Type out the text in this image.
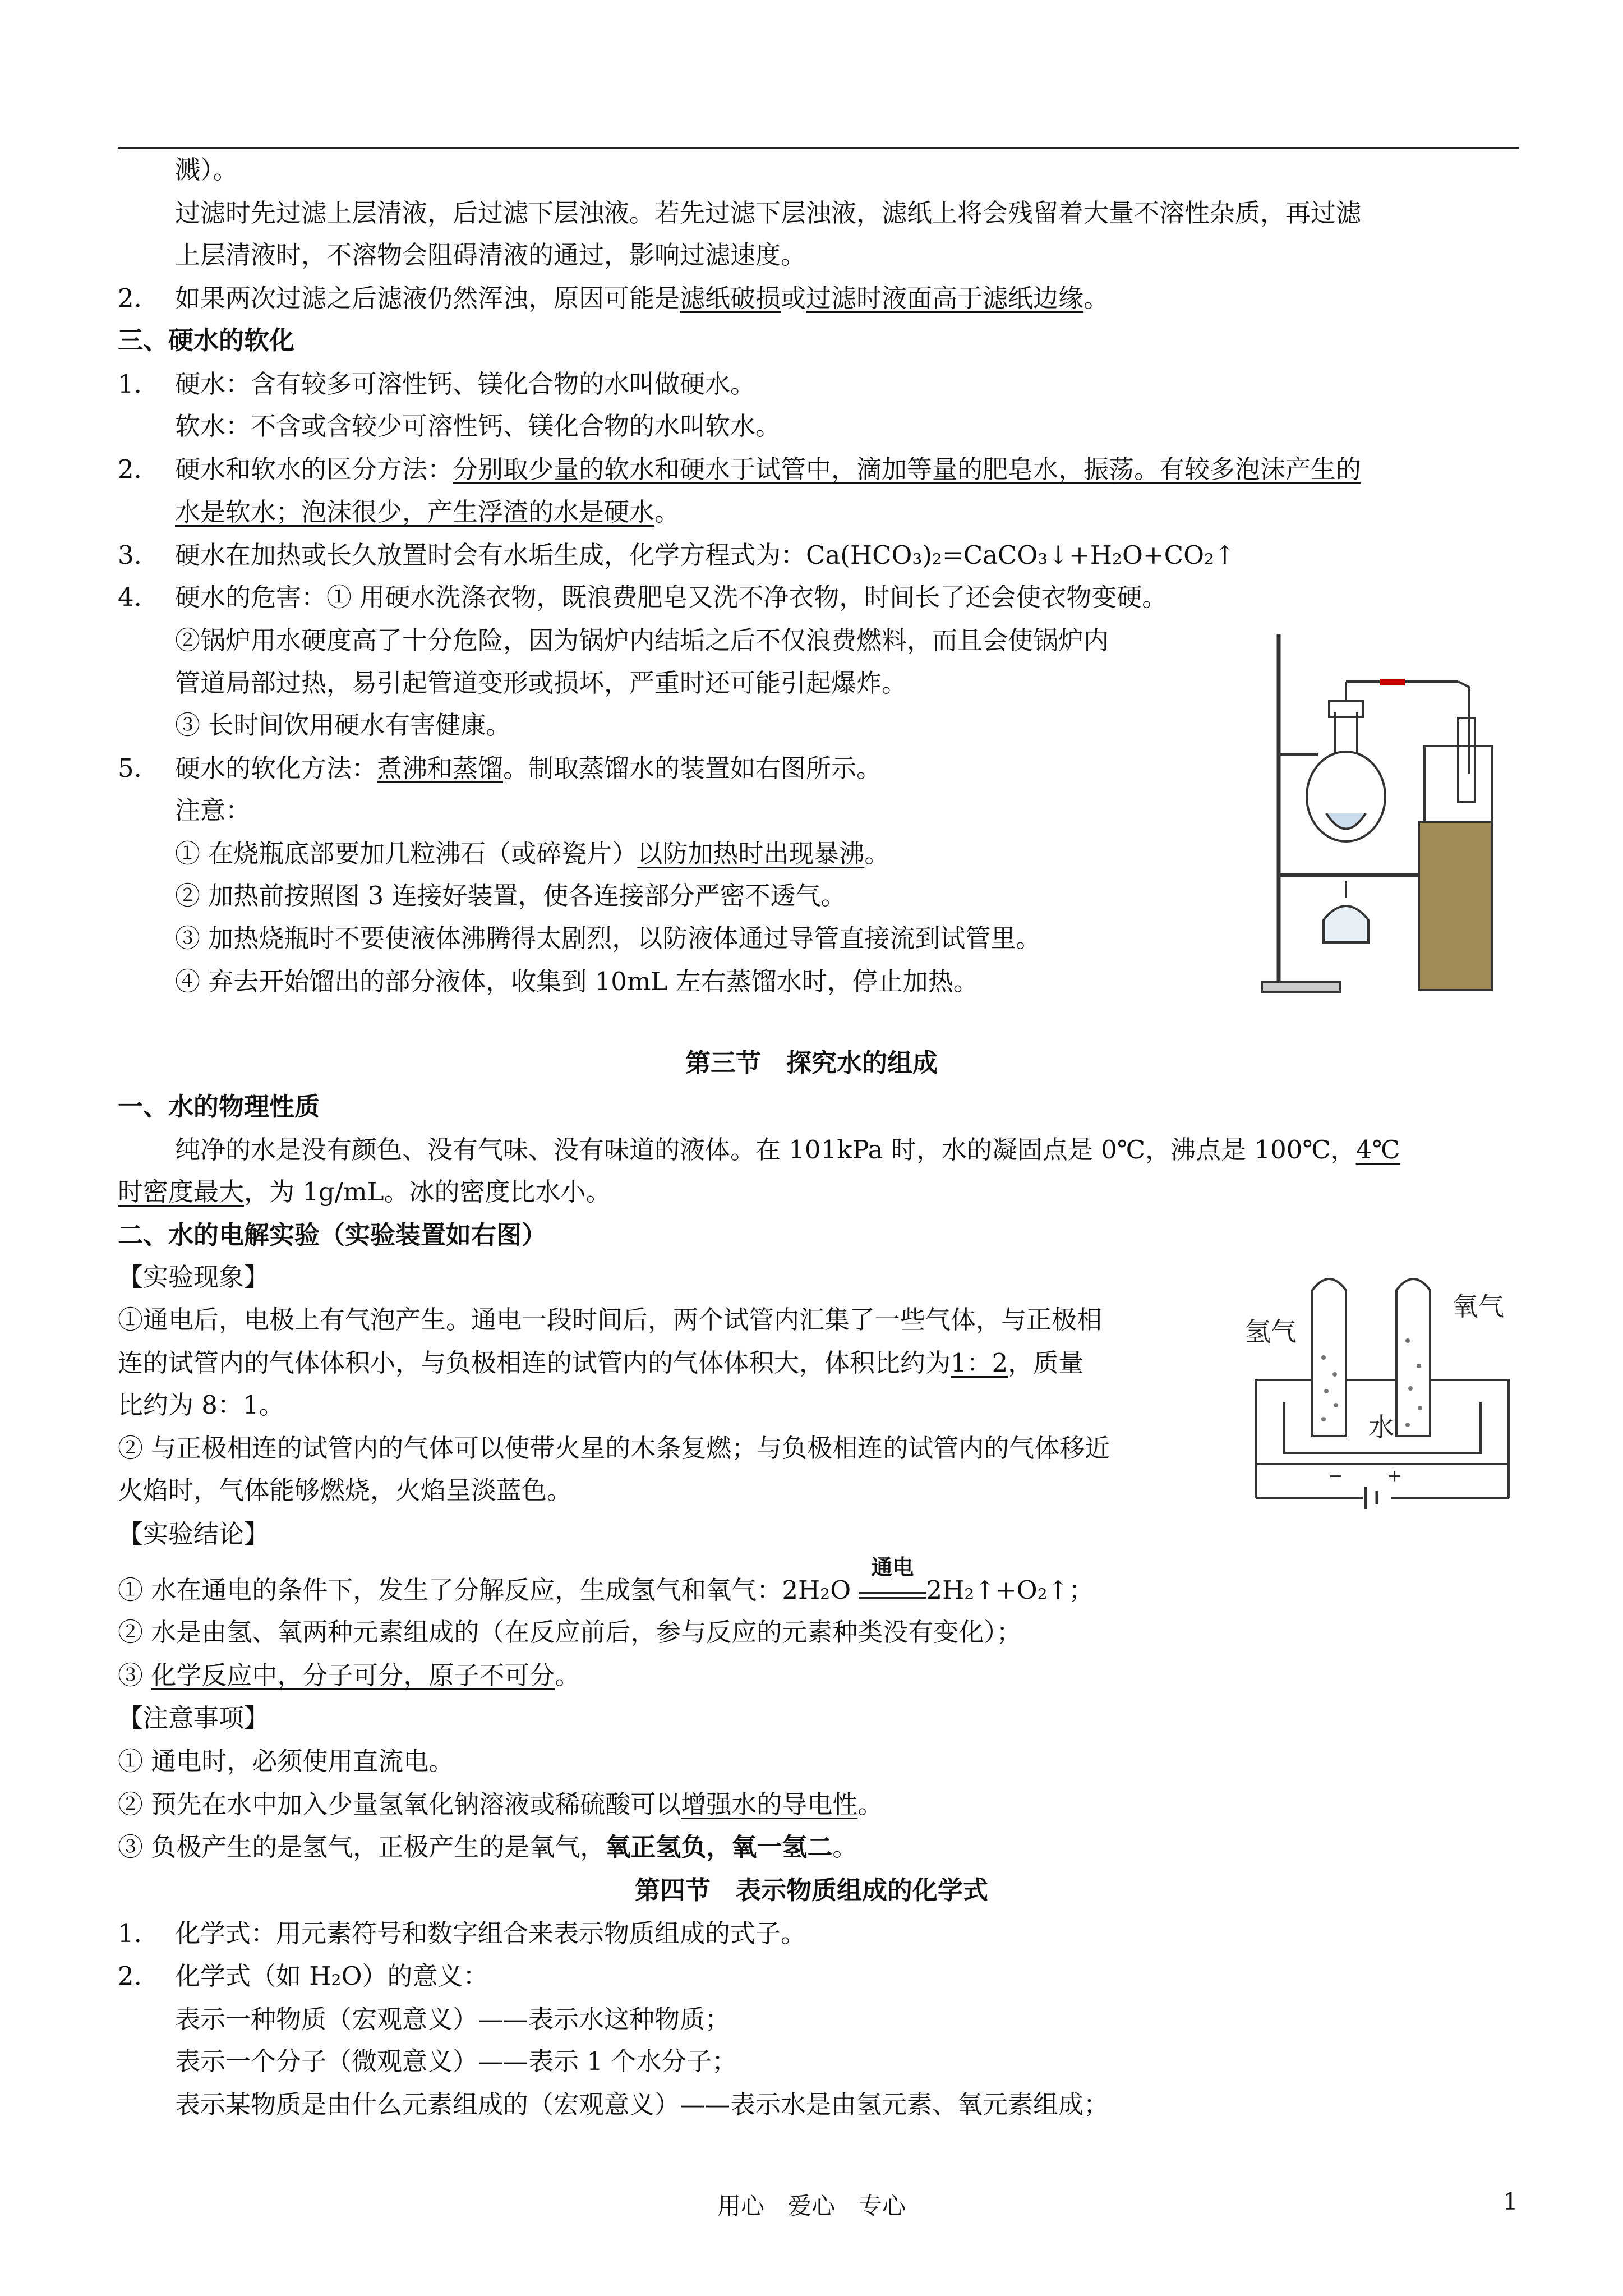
溅）。
过滤时先过滤上层清液，后过滤下层浊液。若先过滤下层浊液，滤纸上将会残留着大量不溶性杂质，再过滤
上层清液时，不溶物会阻碍清液的通过，影响过滤速度。
2. 如果两次过滤之后滤液仍然浑浊，原因可能是滤纸破损或过滤时液面高于滤纸边缘。
三、硬水的软化
1. 硬水：含有较多可溶性钙、镁化合物的水叫做硬水。
软水：不含或含较少可溶性钙、镁化合物的水叫软水。
2. 硬水和软水的区分方法：分别取少量的软水和硬水于试管中，滴加等量的肥皂水，振荡。有较多泡沫产生的
水是软水；泡沫很少，产生浮渣的水是硬水。
3. 硬水在加热或长久放置时会有水垢生成，化学方程式为：Ca(HCO₃)₂=CaCO₃↓+H₂O+CO₂↑
4. 硬水的危害：① 用硬水洗涤衣物，既浪费肥皂又洗不净衣物，时间长了还会使衣物变硬。
②锅炉用水硬度高了十分危险，因为锅炉内结垢之后不仅浪费燃料，而且会使锅炉内
管道局部过热，易引起管道变形或损坏，严重时还可能引起爆炸。
③ 长时间饮用硬水有害健康。
5. 硬水的软化方法：煮沸和蒸馏。制取蒸馏水的装置如右图所示。
注意：
① 在烧瓶底部要加几粒沸石（或碎瓷片）以防加热时出现暴沸。
② 加热前按照图 3 连接好装置，使各连接部分严密不透气。
③ 加热烧瓶时不要使液体沸腾得太剧烈，以防液体通过导管直接流到试管里。
④ 弃去开始馏出的部分液体，收集到 10mL 左右蒸馏水时，停止加热。
第三节　探究水的组成
一、水的物理性质
纯净的水是没有颜色、没有气味、没有味道的液体。在 101kPa 时，水的凝固点是 0℃，沸点是 100℃，4℃
时密度最大，为 1g/mL。冰的密度比水小。
二、水的电解实验（实验装置如右图）
【实验现象】
①通电后，电极上有气泡产生。通电一段时间后，两个试管内汇集了一些气体，与正极相
连的试管内的气体体积小，与负极相连的试管内的气体体积大，体积比约为1：2，质量
比约为 8：1。
② 与正极相连的试管内的气体可以使带火星的木条复燃；与负极相连的试管内的气体移近
火焰时，气体能够燃烧，火焰呈淡蓝色。
氢气
氧气
水
− +
【实验结论】
① 水在通电的条件下，发生了分解反应，生成氢气和氧气：2H₂O
通电
2H₂↑+O₂↑；
② 水是由氢、氧两种元素组成的（在反应前后，参与反应的元素种类没有变化）；
③ 化学反应中，分子可分，原子不可分。
【注意事项】
① 通电时，必须使用直流电。
② 预先在水中加入少量氢氧化钠溶液或稀硫酸可以增强水的导电性。
③ 负极产生的是氢气，正极产生的是氧气，氧正氢负，氧一氢二。
第四节　表示物质组成的化学式
1. 化学式：用元素符号和数字组合来表示物质组成的式子。
2. 化学式（如 H₂O）的意义：
表示一种物质（宏观意义）——表示水这种物质；
表示一个分子（微观意义）——表示 1 个水分子；
表示某物质是由什么元素组成的（宏观意义）——表示水是由氢元素、氧元素组成；
用心　爱心　专心	1
